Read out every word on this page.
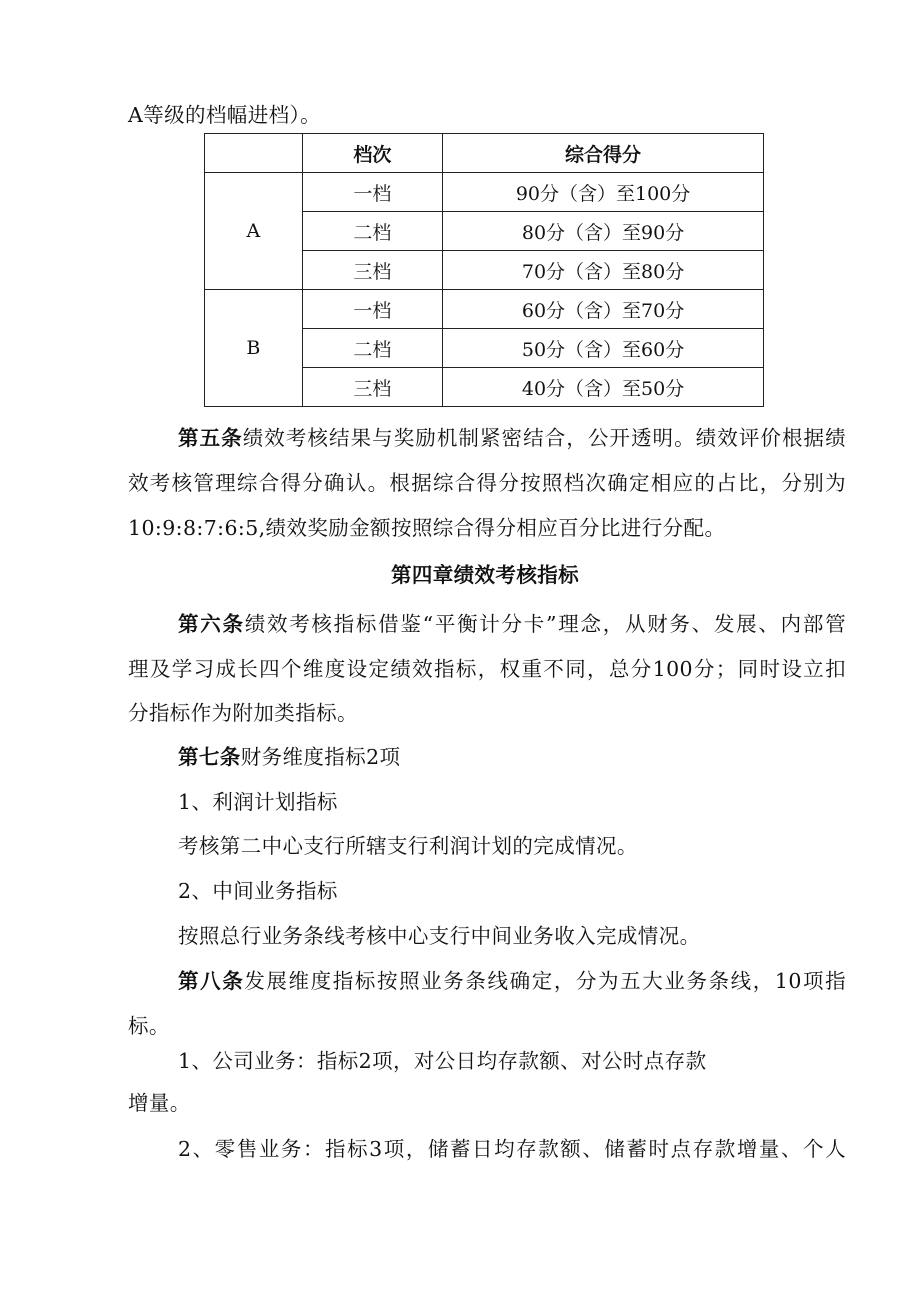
A等级的档幅进档）。
	档次	综合得分
A	一档	90分（含）至100分
	二档	80分（含）至90分
	三档	70分（含）至80分
B	一档	60分（含）至70分
	二档	50分（含）至60分
	三档	40分（含）至50分
第五条绩效考核结果与奖励机制紧密结合，公开透明。绩效评价根据绩
效考核管理综合得分确认。根据综合得分按照档次确定相应的占比，分别为
10:9:8:7:6:5,绩效奖励金额按照综合得分相应百分比进行分配。
第四章绩效考核指标
第六条绩效考核指标借鉴“平衡计分卡”理念，从财务、发展、内部管
理及学习成长四个维度设定绩效指标，权重不同，总分100分；同时设立扣
分指标作为附加类指标。
第七条财务维度指标2项
1、利润计划指标
考核第二中心支行所辖支行利润计划的完成情况。
2、中间业务指标
按照总行业务条线考核中心支行中间业务收入完成情况。
第八条发展维度指标按照业务条线确定，分为五大业务条线，10项指
标。
1、公司业务：指标2项，对公日均存款额、对公时点存款
增量。
2、零售业务：指标3项，储蓄日均存款额、储蓄时点存款增量、个人
